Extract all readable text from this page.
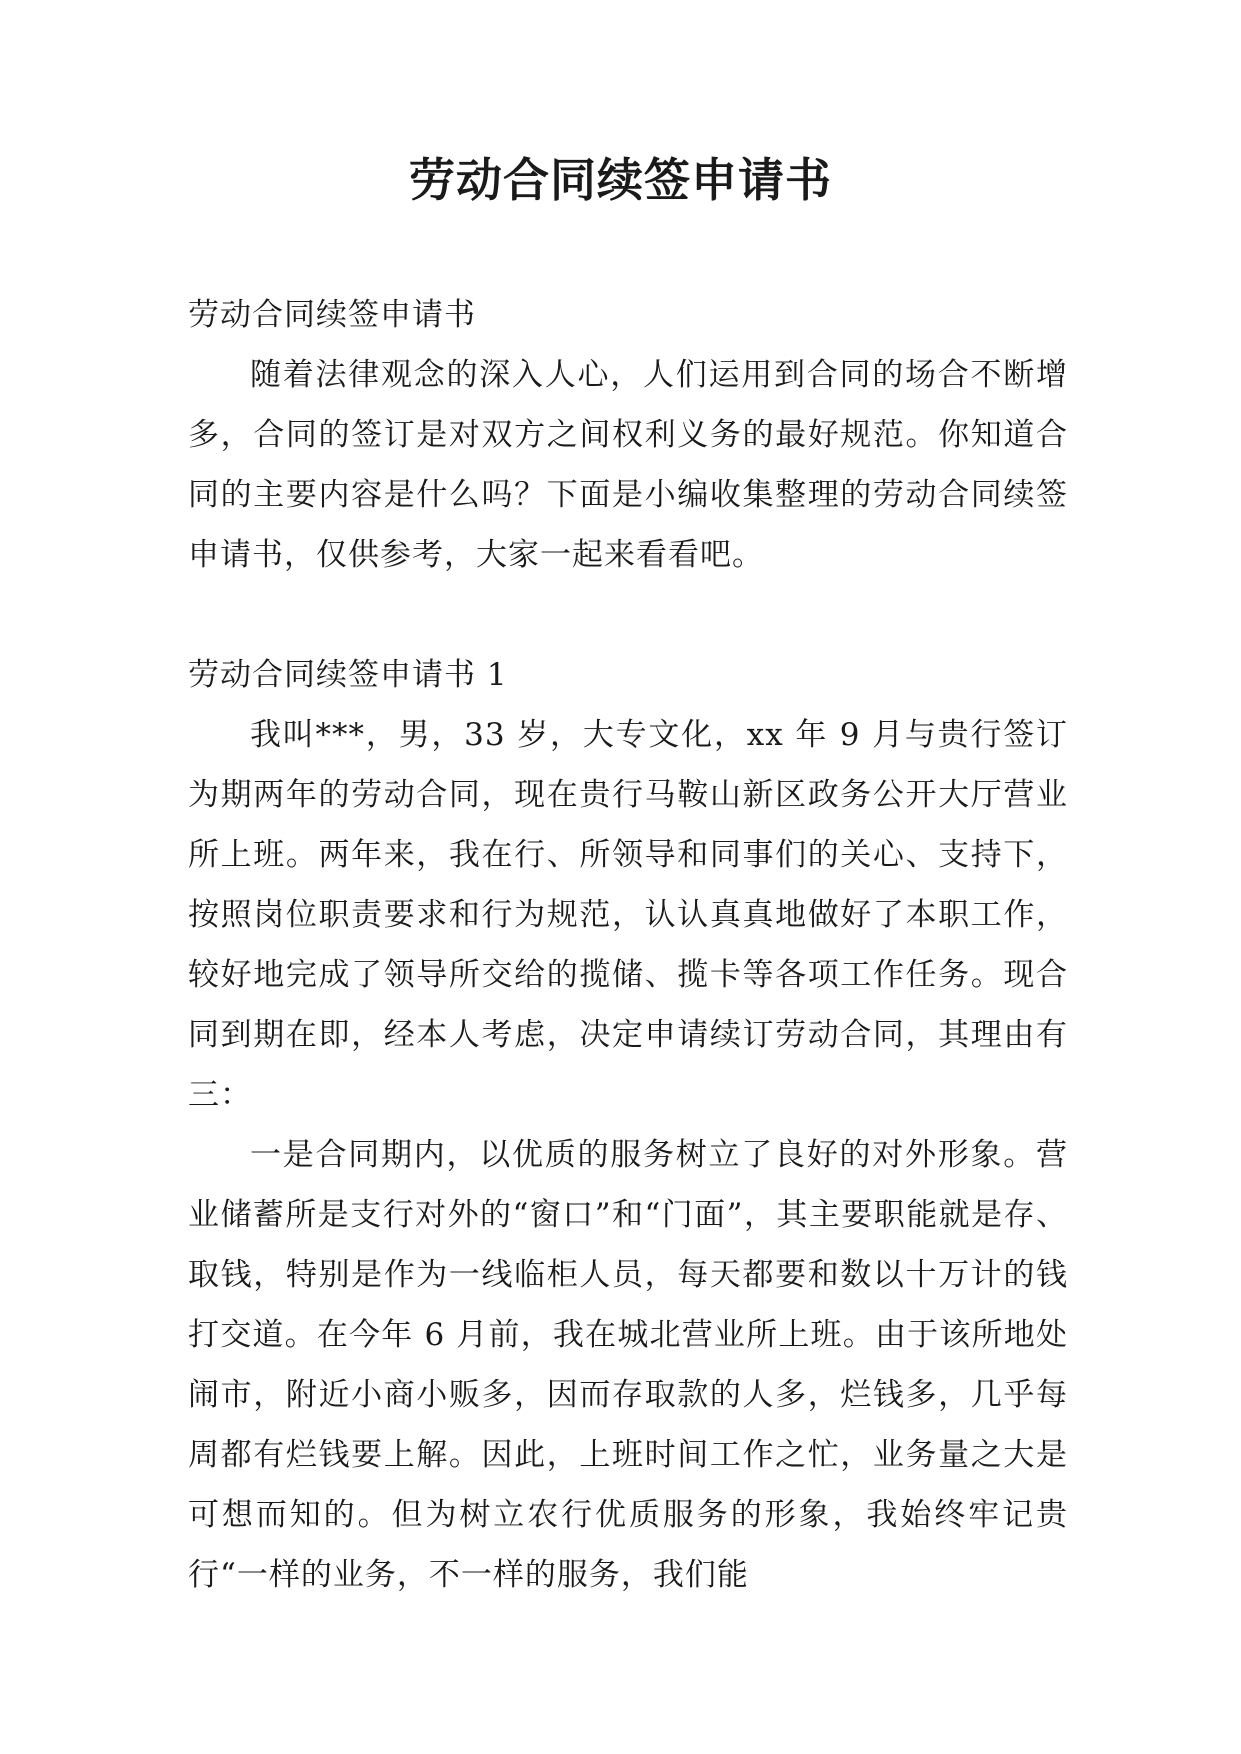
劳动合同续签申请书

劳动合同续签申请书

随着法律观念的深入人心，人们运用到合同的场合不断增多，合同的签订是对双方之间权利义务的最好规范。你知道合同的主要内容是什么吗？下面是小编收集整理的劳动合同续签申请书，仅供参考，大家一起来看看吧。

劳动合同续签申请书 1

我叫***，男，33 岁，大专文化，xx 年 9 月与贵行签订为期两年的劳动合同，现在贵行马鞍山新区政务公开大厅营业所上班。两年来，我在行、所领导和同事们的关心、支持下，按照岗位职责要求和行为规范，认认真真地做好了本职工作，较好地完成了领导所交给的揽储、揽卡等各项工作任务。现合同到期在即，经本人考虑，决定申请续订劳动合同，其理由有三：

一是合同期内，以优质的服务树立了良好的对外形象。营业储蓄所是支行对外的“窗口”和“门面”，其主要职能就是存、取钱，特别是作为一线临柜人员，每天都要和数以十万计的钱打交道。在今年 6 月前，我在城北营业所上班。由于该所地处闹市，附近小商小贩多，因而存取款的人多，烂钱多，几乎每周都有烂钱要上解。因此，上班时间工作之忙，业务量之大是可想而知的。但为树立农行优质服务的形象，我始终牢记贵行“一样的业务，不一样的服务，我们能
